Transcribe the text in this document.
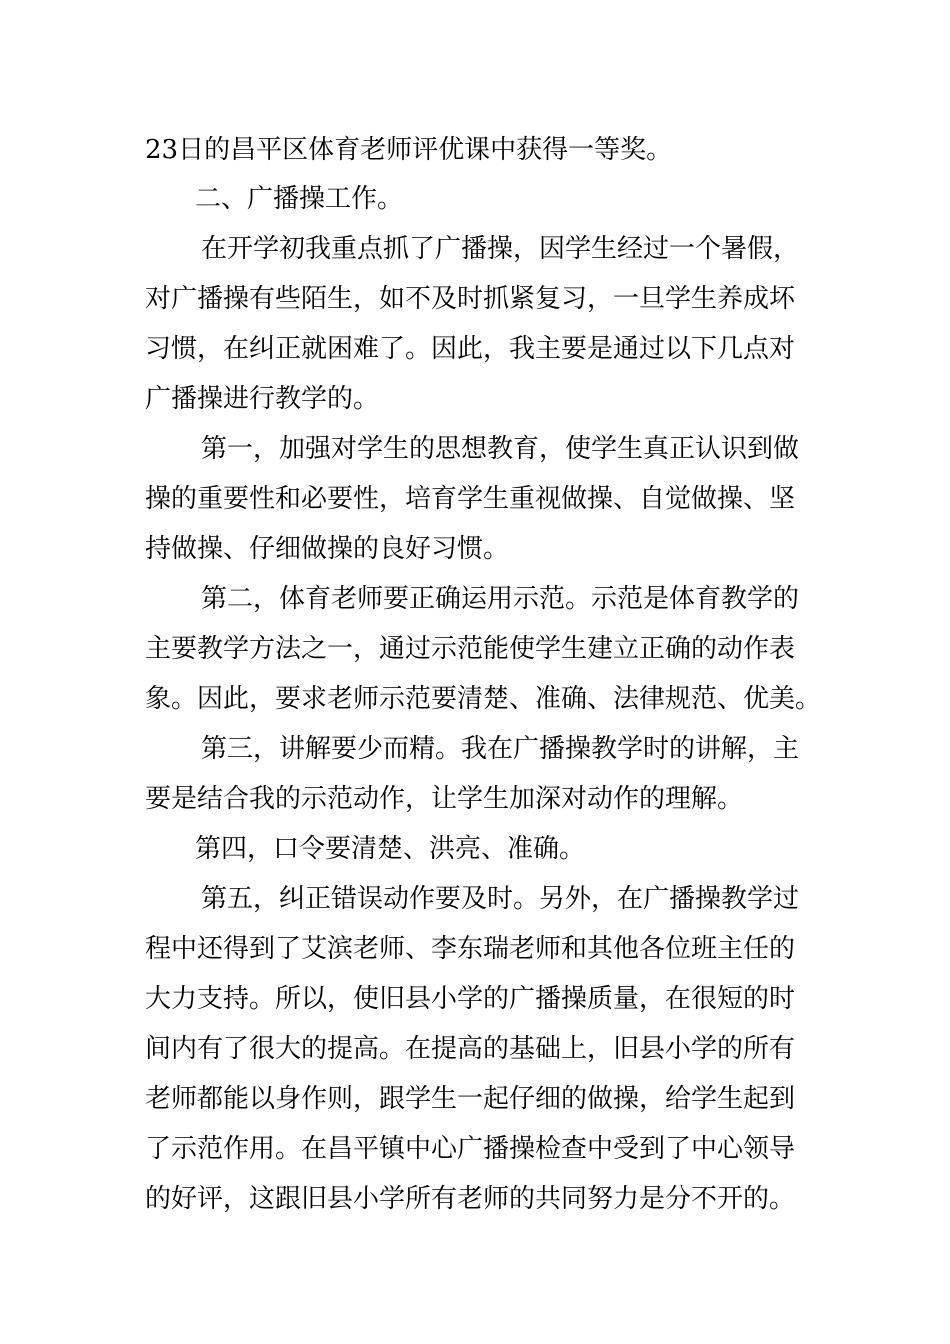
23日的昌平区体育老师评优课中获得一等奖。
二、广播操工作。
在开学初我重点抓了广播操，因学生经过一个暑假，
对广播操有些陌生，如不及时抓紧复习，一旦学生养成坏
习惯，在纠正就困难了。因此，我主要是通过以下几点对
广播操进行教学的。
第一，加强对学生的思想教育，使学生真正认识到做
操的重要性和必要性，培育学生重视做操、自觉做操、坚
持做操、仔细做操的良好习惯。
第二，体育老师要正确运用示范。示范是体育教学的
主要教学方法之一，通过示范能使学生建立正确的动作表
象。因此，要求老师示范要清楚、准确、法律规范、优美。
第三，讲解要少而精。我在广播操教学时的讲解，主
要是结合我的示范动作，让学生加深对动作的理解。
第四，口令要清楚、洪亮、准确。
第五，纠正错误动作要及时。另外，在广播操教学过
程中还得到了艾滨老师、李东瑞老师和其他各位班主任的
大力支持。所以，使旧县小学的广播操质量，在很短的时
间内有了很大的提高。在提高的基础上，旧县小学的所有
老师都能以身作则，跟学生一起仔细的做操，给学生起到
了示范作用。在昌平镇中心广播操检查中受到了中心领导
的好评，这跟旧县小学所有老师的共同努力是分不开的。
